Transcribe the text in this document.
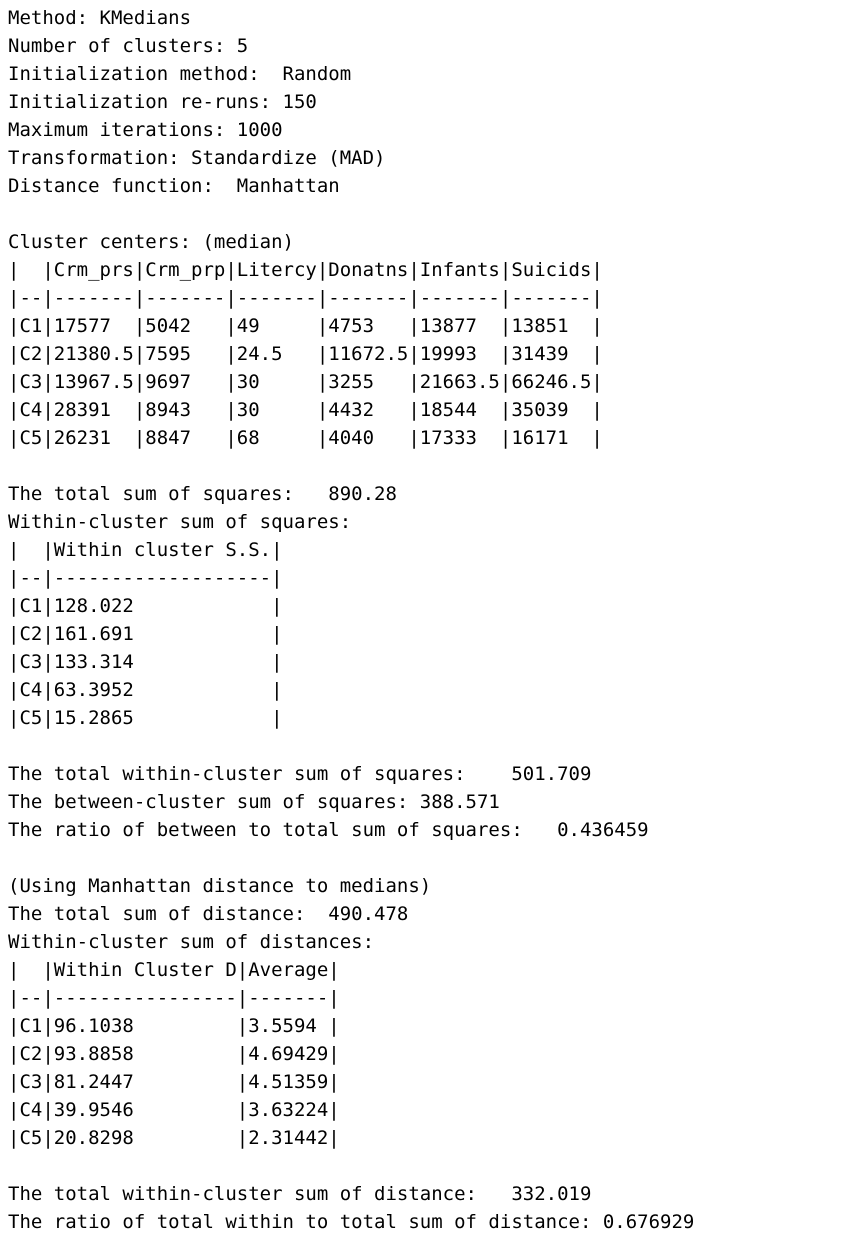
Method: KMedians
Number of clusters: 5
Initialization method:  Random
Initialization re-runs: 150
Maximum iterations: 1000
Transformation: Standardize (MAD)
Distance function:  Manhattan
Cluster centers: (median)
|  |Crm_prs|Crm_prp|Litercy|Donatns|Infants|Suicids|
|--|-------|-------|-------|-------|-------|-------|
|C1|17577  |5042   |49     |4753   |13877  |13851  |
|C2|21380.5|7595   |24.5   |11672.5|19993  |31439  |
|C3|13967.5|9697   |30     |3255   |21663.5|66246.5|
|C4|28391  |8943   |30     |4432   |18544  |35039  |
|C5|26231  |8847   |68     |4040   |17333  |16171  |
The total sum of squares:   890.28
Within-cluster sum of squares:
|  |Within cluster S.S.|
|--|-------------------|
|C1|128.022            |
|C2|161.691            |
|C3|133.314            |
|C4|63.3952            |
|C5|15.2865            |
The total within-cluster sum of squares:    501.709
The between-cluster sum of squares: 388.571
The ratio of between to total sum of squares:   0.436459
(Using Manhattan distance to medians)
The total sum of distance:  490.478
Within-cluster sum of distances:
|  |Within Cluster D|Average|
|--|----------------|-------|
|C1|96.1038         |3.5594 |
|C2|93.8858         |4.69429|
|C3|81.2447         |4.51359|
|C4|39.9546         |3.63224|
|C5|20.8298         |2.31442|
The total within-cluster sum of distance:   332.019
The ratio of total within to total sum of distance: 0.676929
